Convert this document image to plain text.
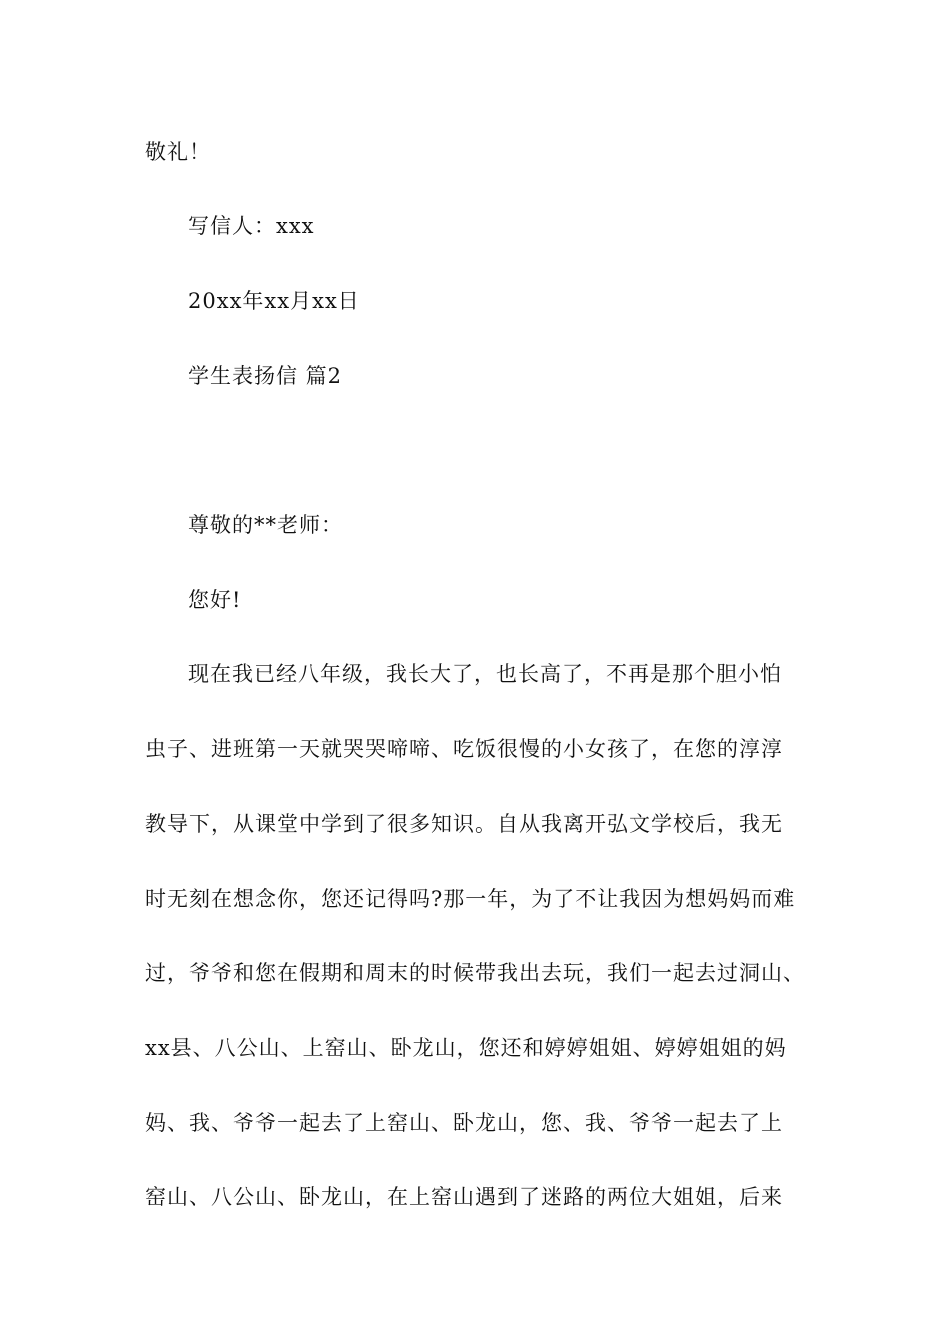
敬礼！
写信人：xxx
20xx年xx月xx日
学生表扬信 篇2
尊敬的**老师：
您好!
现在我已经八年级，我长大了，也长高了，不再是那个胆小怕
虫子、进班第一天就哭哭啼啼、吃饭很慢的小女孩了，在您的淳淳
教导下，从课堂中学到了很多知识。自从我离开弘文学校后，我无
时无刻在想念你，您还记得吗?那一年，为了不让我因为想妈妈而难
过，爷爷和您在假期和周末的时候带我出去玩，我们一起去过洞山、
xx县、八公山、上窑山、卧龙山，您还和婷婷姐姐、婷婷姐姐的妈
妈、我、爷爷一起去了上窑山、卧龙山，您、我、爷爷一起去了上
窑山、八公山、卧龙山，在上窑山遇到了迷路的两位大姐姐，后来
